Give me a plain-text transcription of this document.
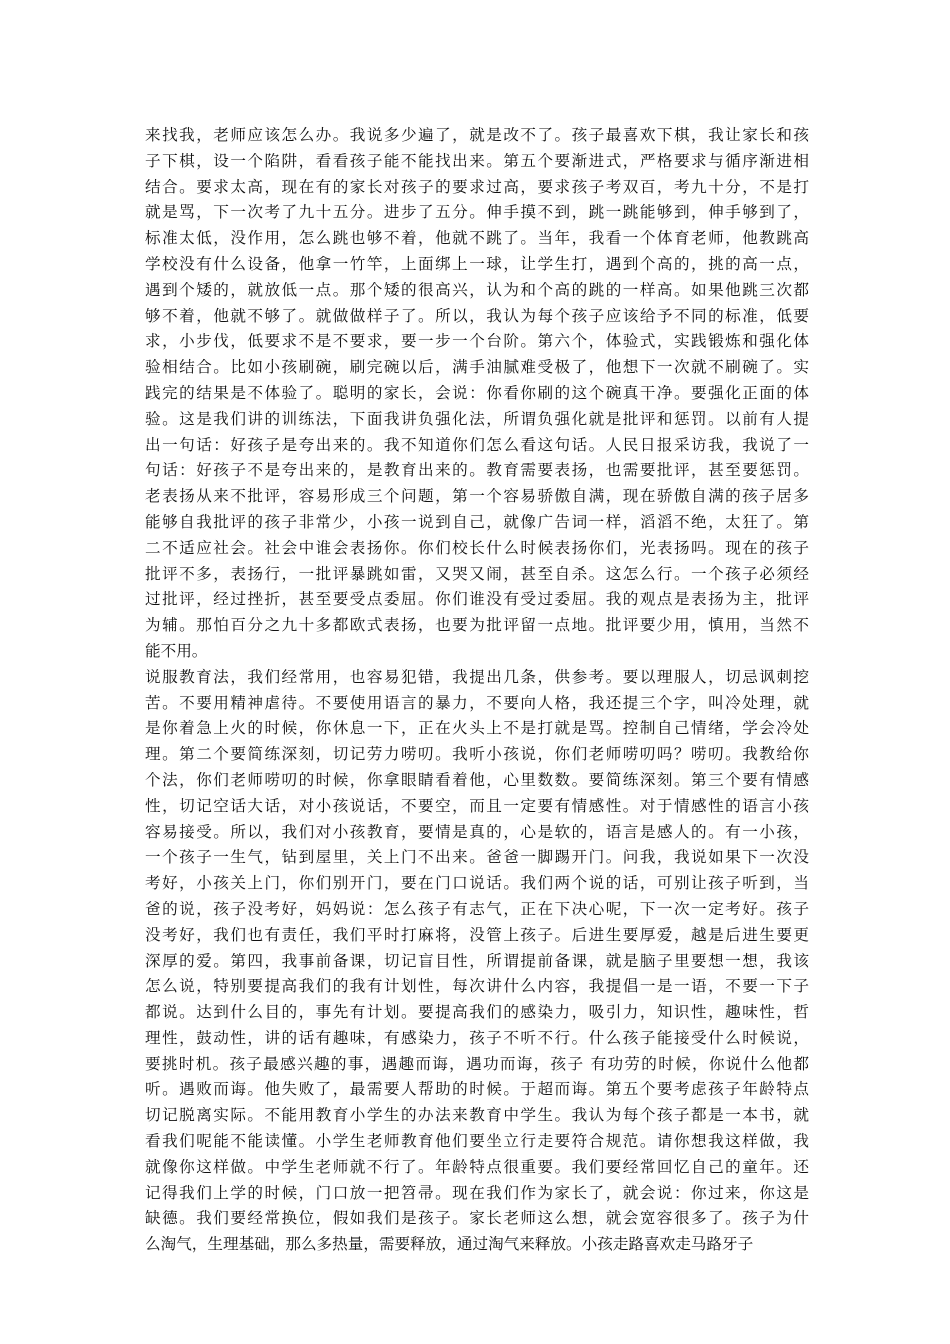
来找我，老师应该怎么办。我说多少遍了，就是改不了。孩子最喜欢下棋，我让家长和孩
子下棋，设一个陷阱，看看孩子能不能找出来。第五个要渐进式，严格要求与循序渐进相
结合。要求太高，现在有的家长对孩子的要求过高，要求孩子考双百，考九十分，不是打
就是骂，下一次考了九十五分。进步了五分。伸手摸不到，跳一跳能够到，伸手够到了，
标准太低，没作用，怎么跳也够不着，他就不跳了。当年，我看一个体育老师，他教跳高
学校没有什么设备，他拿一竹竿，上面绑上一球，让学生打，遇到个高的，挑的高一点，
遇到个矮的，就放低一点。那个矮的很高兴，认为和个高的跳的一样高。如果他跳三次都
够不着，他就不够了。就做做样子了。所以，我认为每个孩子应该给予不同的标准，低要
求，小步伐，低要求不是不要求，要一步一个台阶。第六个，体验式，实践锻炼和强化体
验相结合。比如小孩刷碗，刷完碗以后，满手油腻难受极了，他想下一次就不刷碗了。实
践完的结果是不体验了。聪明的家长，会说：你看你刷的这个碗真干净。要强化正面的体
验。这是我们讲的训练法，下面我讲负强化法，所谓负强化就是批评和惩罚。以前有人提
出一句话：好孩子是夸出来的。我不知道你们怎么看这句话。人民日报采访我，我说了一
句话：好孩子不是夸出来的，是教育出来的。教育需要表扬，也需要批评，甚至要惩罚。
老表扬从来不批评，容易形成三个问题，第一个容易骄傲自满，现在骄傲自满的孩子居多
能够自我批评的孩子非常少，小孩一说到自己，就像广告词一样，滔滔不绝，太狂了。第
二不适应社会。社会中谁会表扬你。你们校长什么时候表扬你们，光表扬吗。现在的孩子
批评不多，表扬行，一批评暴跳如雷，又哭又闹，甚至自杀。这怎么行。一个孩子必须经
过批评，经过挫折，甚至要受点委屈。你们谁没有受过委屈。我的观点是表扬为主，批评
为辅。那怕百分之九十多都欧式表扬，也要为批评留一点地。批评要少用，慎用，当然不
能不用。
说服教育法，我们经常用，也容易犯错，我提出几条，供参考。要以理服人，切忌讽刺挖
苦。不要用精神虐待。不要使用语言的暴力，不要向人格，我还提三个字，叫冷处理，就
是你着急上火的时候，你休息一下，正在火头上不是打就是骂。控制自己情绪，学会冷处
理。第二个要简练深刻，切记劳力唠叨。我听小孩说，你们老师唠叨吗？唠叨。我教给你
个法，你们老师唠叨的时候，你拿眼睛看着他，心里数数。要简练深刻。第三个要有情感
性，切记空话大话，对小孩说话，不要空，而且一定要有情感性。对于情感性的语言小孩
容易接受。所以，我们对小孩教育，要情是真的，心是软的，语言是感人的。有一小孩，
一个孩子一生气，钻到屋里，关上门不出来。爸爸一脚踢开门。问我，我说如果下一次没
考好，小孩关上门，你们别开门，要在门口说话。我们两个说的话，可别让孩子听到，当
爸的说，孩子没考好，妈妈说：怎么孩子有志气，正在下决心呢，下一次一定考好。孩子
没考好，我们也有责任，我们平时打麻将，没管上孩子。后进生要厚爱，越是后进生要更
深厚的爱。第四，我事前备课，切记盲目性，所谓提前备课，就是脑子里要想一想，我该
怎么说，特别要提高我们的我有计划性，每次讲什么内容，我提倡一是一语，不要一下子
都说。达到什么目的，事先有计划。要提高我们的感染力，吸引力，知识性，趣味性，哲
理性，鼓动性，讲的话有趣味，有感染力，孩子不听不行。什么孩子能接受什么时候说，
要挑时机。孩子最感兴趣的事，遇趣而诲，遇功而诲，孩子 有功劳的时候，你说什么他都
听。遇败而诲。他失败了，最需要人帮助的时候。于超而诲。第五个要考虑孩子年龄特点
切记脱离实际。不能用教育小学生的办法来教育中学生。我认为每个孩子都是一本书，就
看我们呢能不能读懂。小学生老师教育他们要坐立行走要符合规范。请你想我这样做，我
就像你这样做。中学生老师就不行了。年龄特点很重要。我们要经常回忆自己的童年。还
记得我们上学的时候，门口放一把笤帚。现在我们作为家长了，就会说：你过来，你这是
缺德。我们要经常换位，假如我们是孩子。家长老师这么想，就会宽容很多了。孩子为什
么淘气，生理基础，那么多热量，需要释放，通过淘气来释放。小孩走路喜欢走马路牙子
